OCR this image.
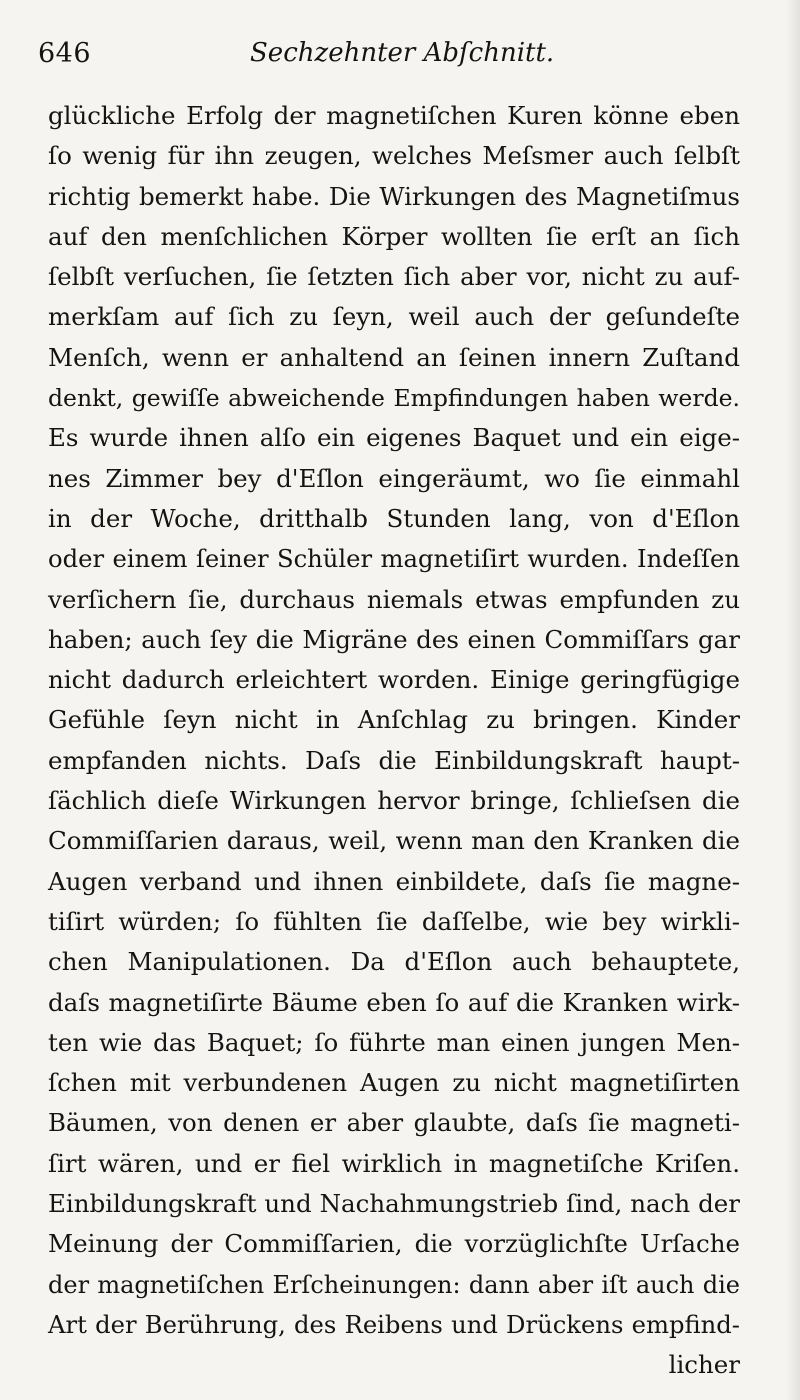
646	Sechzehnter Abſchnitt.
glückliche Erfolg der magnetiſchen Kuren könne eben
ſo wenig für ihn zeugen, welches Meſsmer auch ſelbſt
richtig bemerkt habe. Die Wirkungen des Magnetiſmus
auf den menſchlichen Körper wollten ſie erſt an ſich
ſelbſt verſuchen, ſie ſetzten ſich aber vor, nicht zu auf-
merkſam auf ſich zu ſeyn, weil auch der geſundeſte
Menſch, wenn er anhaltend an ſeinen innern Zuſtand
denkt, gewiſſe abweichende Empfindungen haben werde.
Es wurde ihnen alſo ein eigenes Baquet und ein eige-
nes Zimmer bey d'Eſlon eingeräumt, wo ſie einmahl
in der Woche, dritthalb Stunden lang, von d'Eſlon
oder einem ſeiner Schüler magnetiſirt wurden. Indeſſen
verſichern ſie, durchaus niemals etwas empfunden zu
haben; auch ſey die Migräne des einen Commiſſars gar
nicht dadurch erleichtert worden. Einige geringfügige
Gefühle ſeyn nicht in Anſchlag zu bringen. Kinder
empfanden nichts. Daſs die Einbildungskraft haupt-
ſächlich dieſe Wirkungen hervor bringe, ſchlieſsen die
Commiſſarien daraus, weil, wenn man den Kranken die
Augen verband und ihnen einbildete, daſs ſie magne-
tiſirt würden; ſo fühlten ſie daſſelbe, wie bey wirkli-
chen Manipulationen. Da d'Eſlon auch behauptete,
daſs magnetiſirte Bäume eben ſo auf die Kranken wirk-
ten wie das Baquet; ſo führte man einen jungen Men-
ſchen mit verbundenen Augen zu nicht magnetiſirten
Bäumen, von denen er aber glaubte, daſs ſie magneti-
ſirt wären, und er fiel wirklich in magnetiſche Kriſen.
Einbildungskraft und Nachahmungstrieb ſind, nach der
Meinung der Commiſſarien, die vorzüglichſte Urſache
der magnetiſchen Erſcheinungen: dann aber iſt auch die
Art der Berührung, des Reibens und Drückens empfind-
licher
